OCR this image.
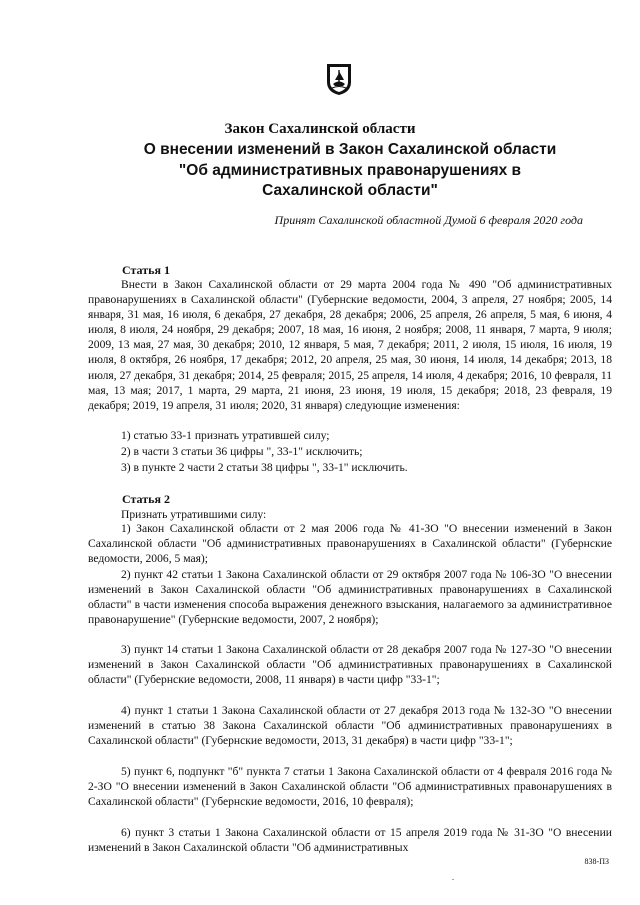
Закон Сахалинской области
О внесении изменений в Закон Сахалинской области "Об административных правонарушениях в Сахалинской области"
Принят Сахалинской областной Думой 6 февраля 2020 года
Статья 1
Внести в Закон Сахалинской области от 29 марта 2004 года № 490 "Об административных правонарушениях в Сахалинской области" (Губернские ведомости, 2004, 3 апреля, 27 ноября; 2005, 14 января, 31 мая, 16 июля, 6 декабря, 27 декабря, 28 декабря; 2006, 25 апреля, 26 апреля, 5 мая, 6 июня, 4 июля, 8 июля, 24 ноября, 29 декабря; 2007, 18 мая, 16 июня, 2 ноября; 2008, 11 января, 7 марта, 9 июля; 2009, 13 мая, 27 мая, 30 декабря; 2010, 12 января, 5 мая, 7 декабря; 2011, 2 июля, 15 июля, 16 июля, 19 июля, 8 октября, 26 ноября, 17 декабря; 2012, 20 апреля, 25 мая, 30 июня, 14 июля, 14 декабря; 2013, 18 июля, 27 декабря, 31 декабря; 2014, 25 февраля; 2015, 25 апреля, 14 июля, 4 декабря; 2016, 10 февраля, 11 мая, 13 мая; 2017, 1 марта, 29 марта, 21 июня, 23 июня, 19 июля, 15 декабря; 2018, 23 февраля, 19 декабря; 2019, 19 апреля, 31 июля; 2020, 31 января) следующие изменения:
1) статью 33-1 признать утратившей силу;
2) в части 3 статьи 36 цифры ", 33-1" исключить;
3) в пункте 2 части 2 статьи 38 цифры ", 33-1" исключить.
Статья 2
Признать утратившими силу:
1) Закон Сахалинской области от 2 мая 2006 года № 41-ЗО "О внесении изменений в Закон Сахалинской области "Об административных правонарушениях в Сахалинской области" (Губернские ведомости, 2006, 5 мая);
2) пункт 42 статьи 1 Закона Сахалинской области от 29 октября 2007 года № 106-ЗО "О внесении изменений в Закон Сахалинской области "Об административных правонарушениях в Сахалинской области" в части изменения способа выражения денежного взыскания, налагаемого за административное правонарушение" (Губернские ведомости, 2007, 2 ноября);
3) пункт 14 статьи 1 Закона Сахалинской области от 28 декабря 2007 года № 127-ЗО "О внесении изменений в Закон Сахалинской области "Об административных правонарушениях в Сахалинской области" (Губернские ведомости, 2008, 11 января) в части цифр "33-1";
4) пункт 1 статьи 1 Закона Сахалинской области от 27 декабря 2013 года № 132-ЗО "О внесении изменений в статью 38 Закона Сахалинской области "Об административных правонарушениях в Сахалинской области" (Губернские ведомости, 2013, 31 декабря) в части цифр "33-1";
5) пункт 6, подпункт "б" пункта 7 статьи 1 Закона Сахалинской области от 4 февраля 2016 года № 2-ЗО "О внесении изменений в Закон Сахалинской области "Об административных правонарушениях в Сахалинской области" (Губернские ведомости, 2016, 10 февраля);
6) пункт 3 статьи 1 Закона Сахалинской области от 15 апреля 2019 года № 31-ЗО "О внесении изменений в Закон Сахалинской области "Об административных
838-ПЗ
.
